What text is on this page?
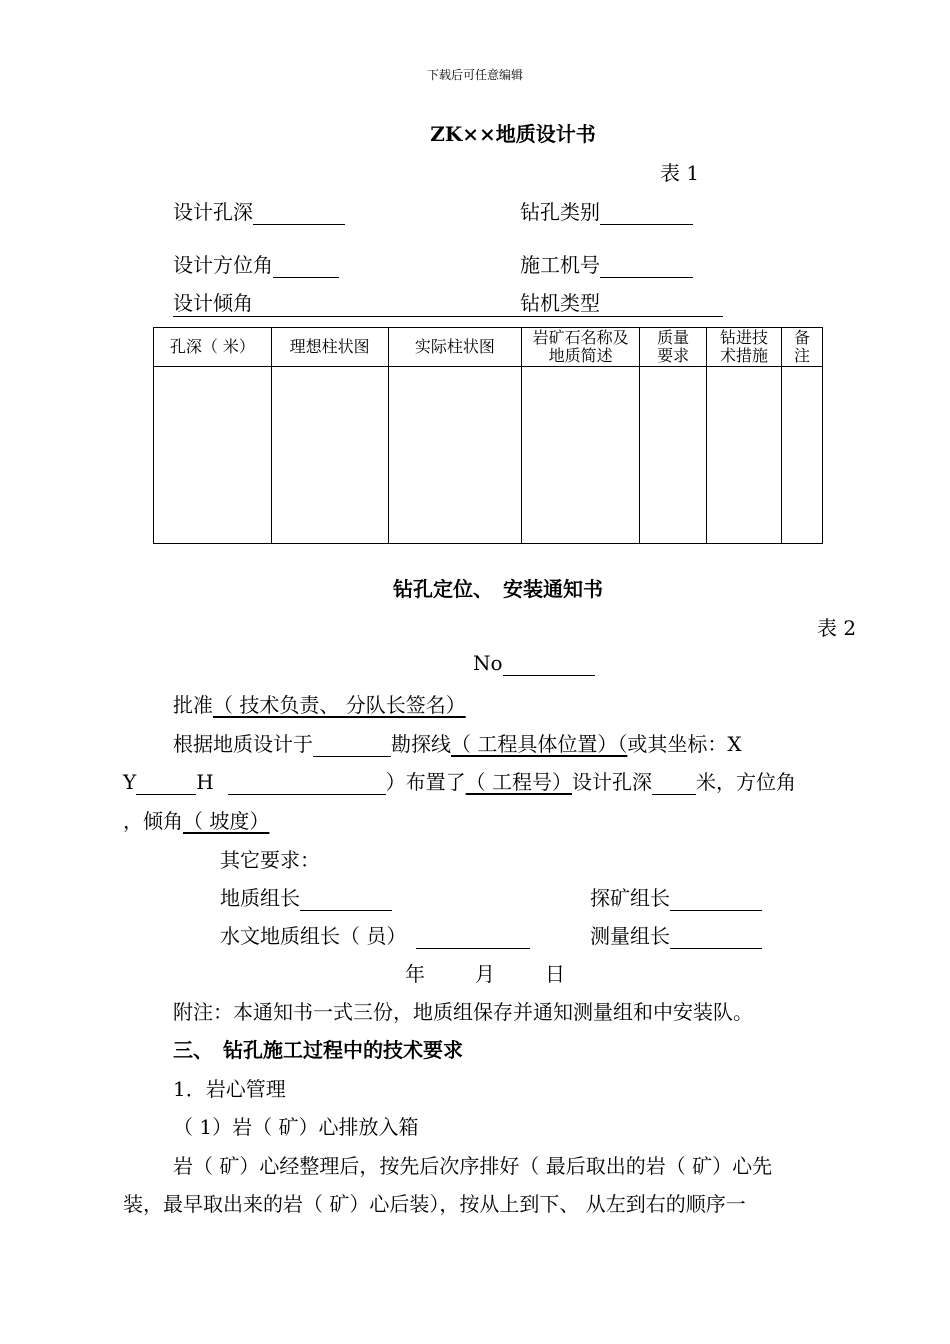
下载后可任意编辑
ZK××地质设计书
表 1
设计孔深	钻孔类别
设计方位角	施工机号
设计倾角	钻机类型
孔深（ 米）	理想柱状图	实际柱状图	岩矿石名称及地质简述	质量要求	钻进技术措施	备注

钻孔定位、　安装通知书
表 2
No
批准（ 技术负责、 分队长签名）
根据地质设计于	勘探线（ 工程具体位置）（或其坐标：X
Y	H	）布置了（ 工程号）设计孔深 米，方位角
，倾角（ 坡度）
其它要求：
地质组长	探矿组长
水文地质组长（ 员）	测量组长
年	月	日
附注：本通知书一式三份，地质组保存并通知测量组和中安装队。
三、　钻孔施工过程中的技术要求
1．岩心管理
（ 1）岩（ 矿）心排放入箱
岩（ 矿）心经整理后，按先后次序排好（ 最后取出的岩（ 矿）心先
装，最早取出来的岩（ 矿）心后装），按从上到下、 从左到右的顺序一
